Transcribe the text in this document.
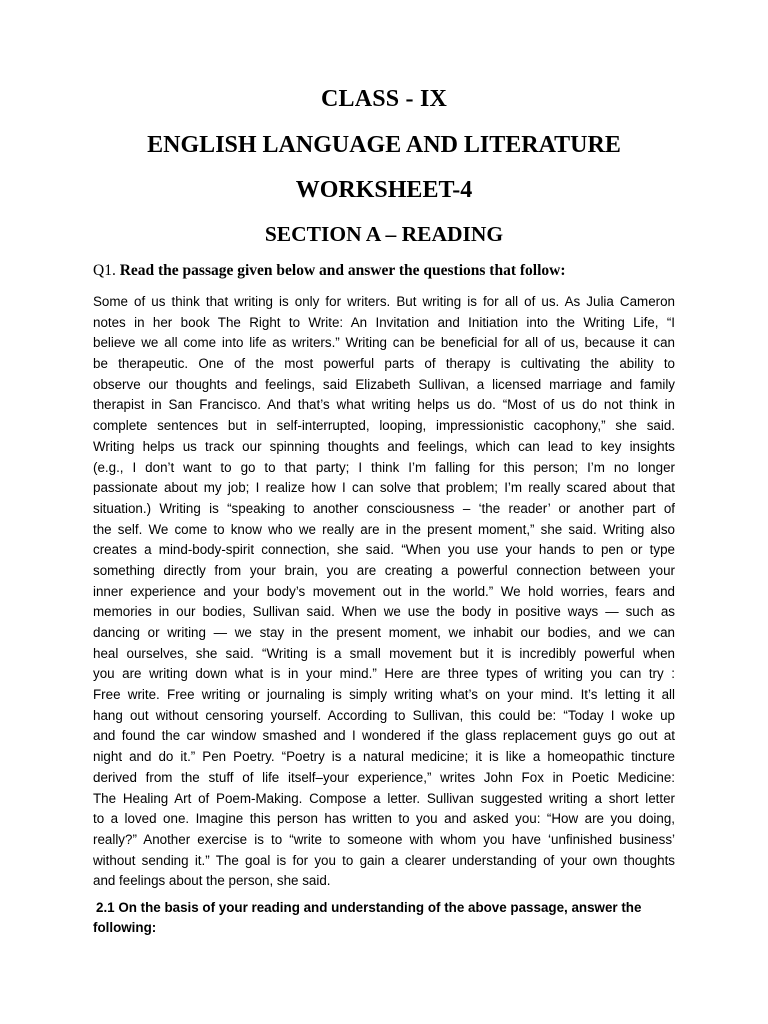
CLASS - IX
ENGLISH LANGUAGE AND LITERATURE
WORKSHEET-4
SECTION A – READING
Q1. Read the passage given below and answer the questions that follow:
Some of us think that writing is only for writers. But writing is for all of us. As Julia Cameron
notes in her book The Right to Write: An Invitation and Initiation into the Writing Life, “I
believe we all come into life as writers.” Writing can be beneficial for all of us, because it can
be therapeutic. One of the most powerful parts of therapy is cultivating the ability to
observe our thoughts and feelings, said Elizabeth Sullivan, a licensed marriage and family
therapist in San Francisco. And that’s what writing helps us do. “Most of us do not think in
complete sentences but in self-interrupted, looping, impressionistic cacophony,” she said.
Writing helps us track our spinning thoughts and feelings, which can lead to key insights
(e.g., I don’t want to go to that party; I think I’m falling for this person; I’m no longer
passionate about my job; I realize how I can solve that problem; I’m really scared about that
situation.) Writing is “speaking to another consciousness – ‘the reader’ or another part of
the self. We come to know who we really are in the present moment,” she said. Writing also
creates a mind-body-spirit connection, she said. “When you use your hands to pen or type
something directly from your brain, you are creating a powerful connection between your
inner experience and your body’s movement out in the world.” We hold worries, fears and
memories in our bodies, Sullivan said. When we use the body in positive ways — such as
dancing or writing — we stay in the present moment, we inhabit our bodies, and we can
heal ourselves, she said. “Writing is a small movement but it is incredibly powerful when
you are writing down what is in your mind.” Here are three types of writing you can try :
Free write. Free writing or journaling is simply writing what’s on your mind. It’s letting it all
hang out without censoring yourself. According to Sullivan, this could be: “Today I woke up
and found the car window smashed and I wondered if the glass replacement guys go out at
night and do it.” Pen Poetry. “Poetry is a natural medicine; it is like a homeopathic tincture
derived from the stuff of life itself–your experience,” writes John Fox in Poetic Medicine:
The Healing Art of Poem-Making. Compose a letter. Sullivan suggested writing a short letter
to a loved one. Imagine this person has written to you and asked you: “How are you doing,
really?” Another exercise is to “write to someone with whom you have ‘unfinished business’
without sending it.” The goal is for you to gain a clearer understanding of your own thoughts
and feelings about the person, she said.
2.1 On the basis of your reading and understanding of the above passage, answer the following:
